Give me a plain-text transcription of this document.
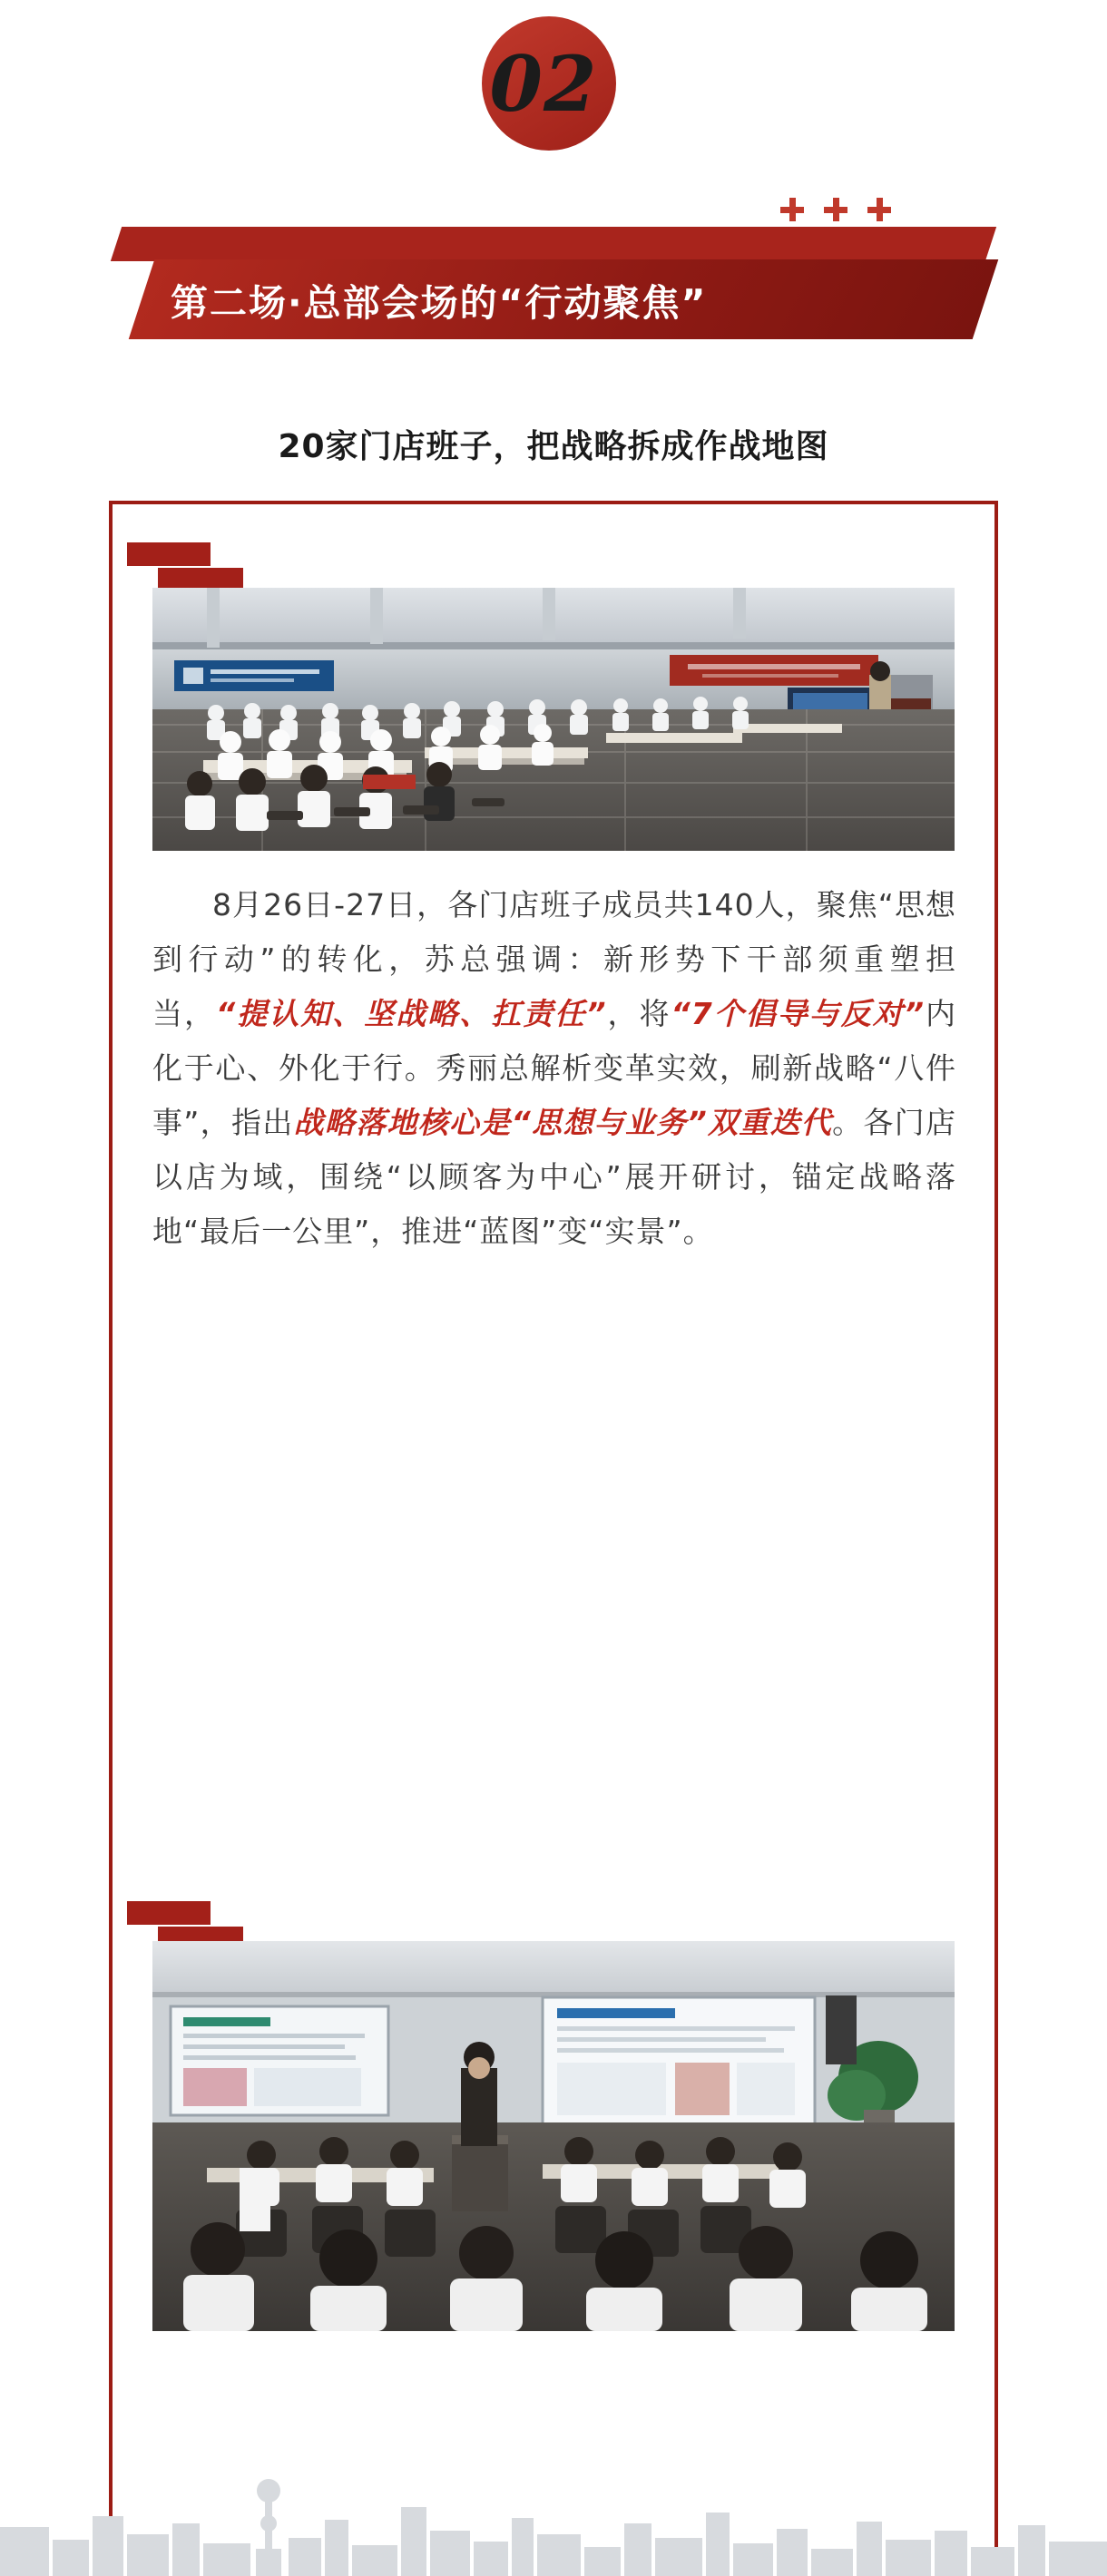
02
第二场·总部会场的“行动聚焦”
20家门店班子，把战略拆成作战地图
8月26日-27日，各门店班子成员共140人，聚焦“思想到行动”的转化，苏总强调：新形势下干部须重塑担当，“提认知、坚战略、扛责任”，将“7个倡导与反对”内化于心、外化于行。秀丽总解析变革实效，刷新战略“八件事”，指出战略落地核心是“思想与业务”双重迭代。各门店以店为域，围绕“以顾客为中心”展开研讨，锚定战略落地“最后一公里”，推进“蓝图”变“实景”。
